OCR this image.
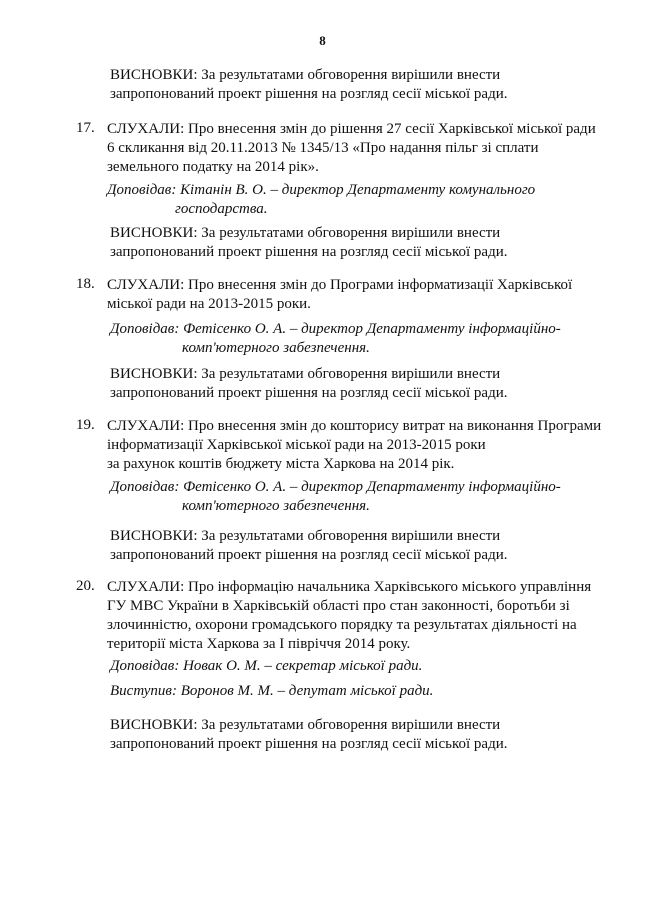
8
ВИСНОВКИ: За результатами обговорення вирішили внести
запропонований проект рішення на розгляд сесії міської ради.
17. СЛУХАЛИ: Про внесення змін до рішення 27 сесії Харківської міської ради
6 скликання від 20.11.2013 № 1345/13 «Про надання пільг зі сплати
земельного податку на 2014 рік».
Доповідав: Кітанін В. О. – директор Департаменту комунального
господарства.
ВИСНОВКИ: За результатами обговорення вирішили внести
запропонований проект рішення на розгляд сесії міської ради.
18. СЛУХАЛИ: Про внесення змін до Програми інформатизації Харківської
міської ради на 2013-2015 роки.
Доповідав: Фетісенко О. А. – директор Департаменту інформаційно-
комп'ютерного забезпечення.
ВИСНОВКИ: За результатами обговорення вирішили внести
запропонований проект рішення на розгляд сесії міської ради.
19. СЛУХАЛИ: Про внесення змін до кошторису витрат на виконання Програми
інформатизації Харківської міської ради на 2013-2015 роки
за рахунок коштів бюджету міста Харкова на 2014 рік.
Доповідав: Фетісенко О. А. – директор Департаменту інформаційно-
комп'ютерного забезпечення.
ВИСНОВКИ: За результатами обговорення вирішили внести
запропонований проект рішення на розгляд сесії міської ради.
20. СЛУХАЛИ: Про інформацію начальника Харківського міського управління
ГУ МВС України в Харківській області про стан законності, боротьби зі
злочинністю, охорони громадського порядку та результатах діяльності на
території міста Харкова за І півріччя 2014 року.
Доповідав: Новак О. М. – секретар міської ради.
Виступив: Воронов М. М. – депутат міської ради.
ВИСНОВКИ: За результатами обговорення вирішили внести
запропонований проект рішення на розгляд сесії міської ради.
